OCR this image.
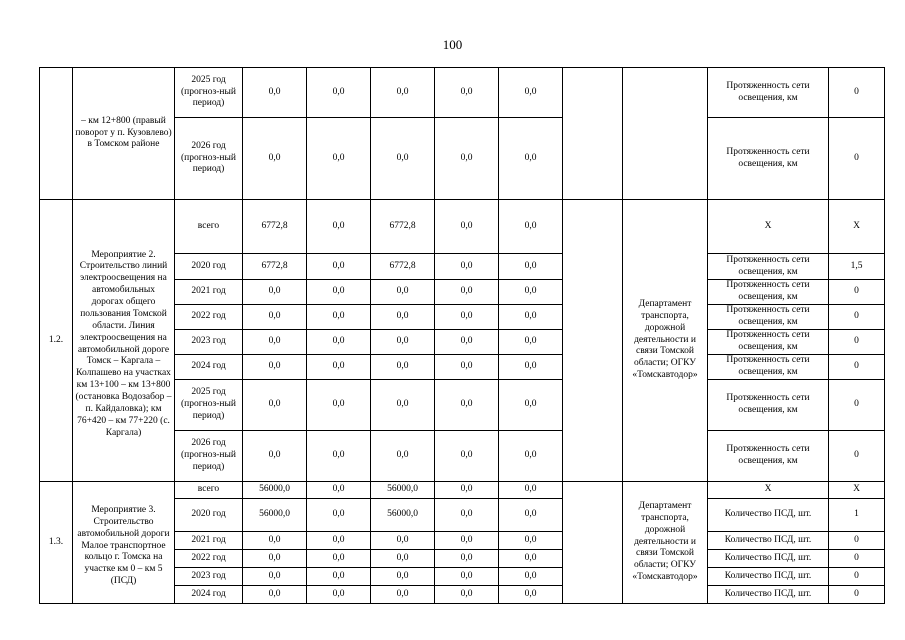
100
	– км 12+800 (правый поворот у п. Кузовлево) в Томском районе	2025 год (прогноз-ный период)	0,0	0,0	0,0	0,0	0,0			Протяженность сети освещения, км	0
		2026 год (прогноз-ный период)	0,0	0,0	0,0	0,0	0,0			Протяженность сети освещения, км	0
1.2.	Мероприятие 2. Строительство линий электроосвещения на автомобильных дорогах общего пользования Томской области. Линия электроосвещения на автомобильной дороге Томск – Каргала – Колпашево на участках км 13+100 – км 13+800 (остановка Водозабор – п. Кайдаловка); км 76+420 – км 77+220 (с. Каргала)	всего	6772,8	0,0	6772,8	0,0	0,0		Департамент транспорта, дорожной деятельности и связи Томской области; ОГКУ «Томскавтодор»	Х	Х
		2020 год	6772,8	0,0	6772,8	0,0	0,0			Протяженность сети освещения, км	1,5
		2021 год	0,0	0,0	0,0	0,0	0,0			Протяженность сети освещения, км	0
		2022 год	0,0	0,0	0,0	0,0	0,0			Протяженность сети освещения, км	0
		2023 год	0,0	0,0	0,0	0,0	0,0			Протяженность сети освещения, км	0
		2024 год	0,0	0,0	0,0	0,0	0,0			Протяженность сети освещения, км	0
		2025 год (прогноз-ный период)	0,0	0,0	0,0	0,0	0,0			Протяженность сети освещения, км	0
		2026 год (прогноз-ный период)	0,0	0,0	0,0	0,0	0,0			Протяженность сети освещения, км	0
1.3.	Мероприятие 3. Строительство автомобильной дороги Малое транспортное кольцо г. Томска на участке км 0 – км 5 (ПСД)	всего	56000,0	0,0	56000,0	0,0	0,0		Департамент транспорта, дорожной деятельности и связи Томской области; ОГКУ «Томскавтодор»	Х	Х
		2020 год	56000,0	0,0	56000,0	0,0	0,0			Количество ПСД, шт.	1
		2021 год	0,0	0,0	0,0	0,0	0,0			Количество ПСД, шт.	0
		2022 год	0,0	0,0	0,0	0,0	0,0			Количество ПСД, шт.	0
		2023 год	0,0	0,0	0,0	0,0	0,0			Количество ПСД, шт.	0
		2024 год	0,0	0,0	0,0	0,0	0,0			Количество ПСД, шт.	0
